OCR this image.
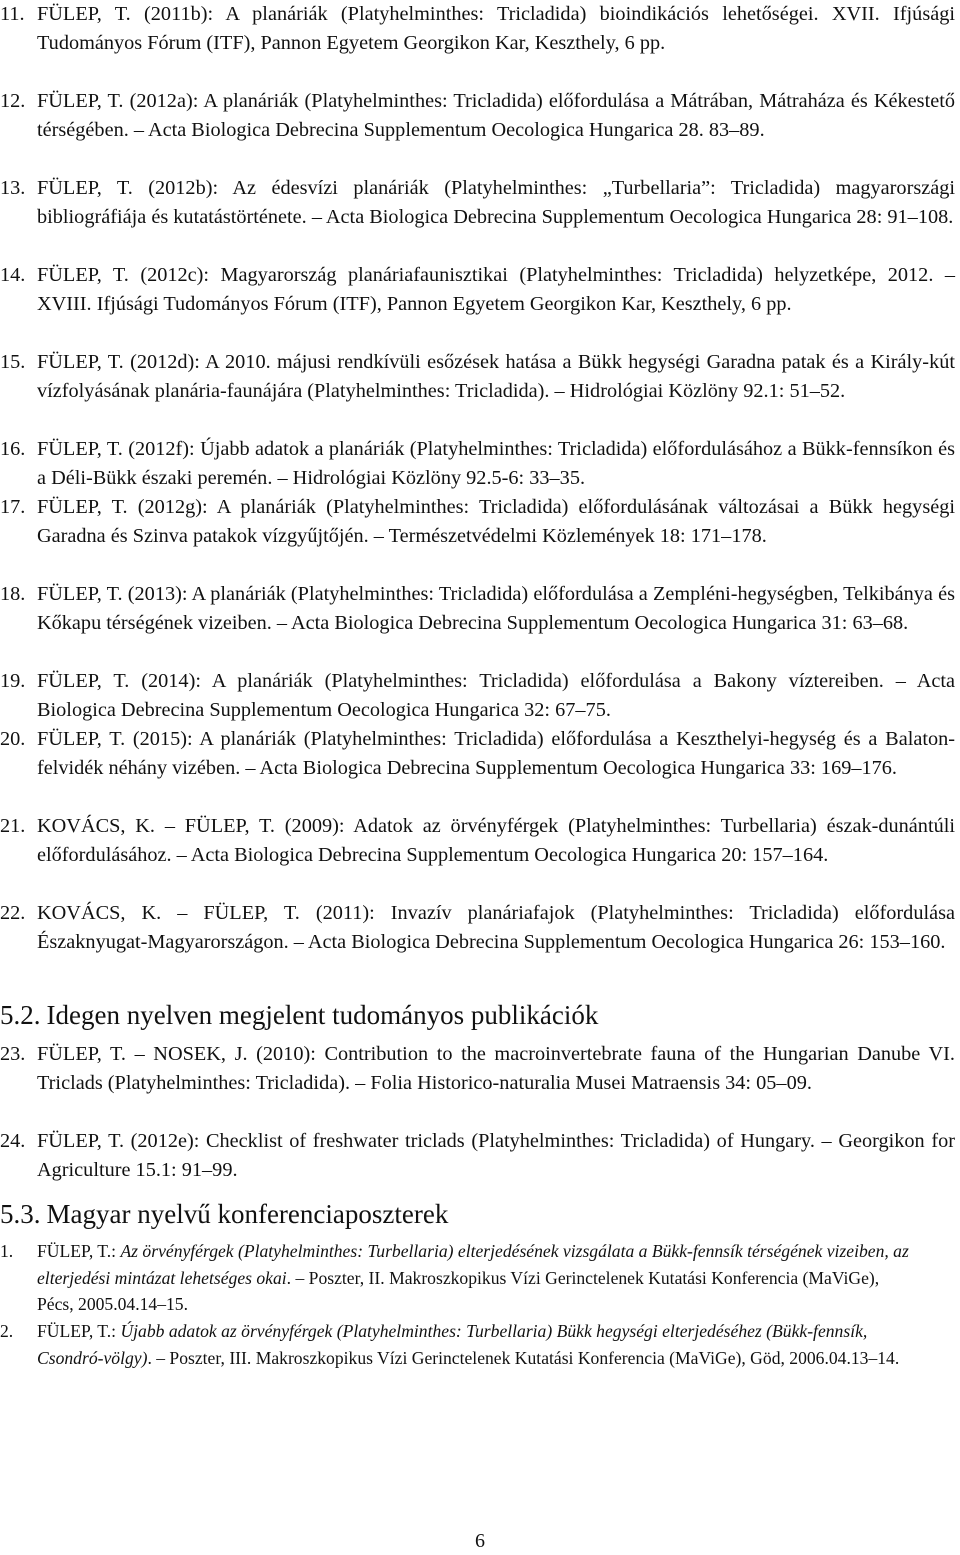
11. FÜLEP, T. (2011b): A planáriák (Platyhelminthes: Tricladida) bioindikációs lehetőségei. XVII. Ifjúsági Tudományos Fórum (ITF), Pannon Egyetem Georgikon Kar, Keszthely, 6 pp.
12. FÜLEP, T. (2012a): A planáriák (Platyhelminthes: Tricladida) előfordulása a Mátrában, Mátraháza és Kékestető térségében. – Acta Biologica Debrecina Supplementum Oecologica Hungarica 28. 83–89.
13. FÜLEP, T. (2012b): Az édesvízi planáriák (Platyhelminthes: „Turbellaria”: Tricladida) magyarországi bibliográfiája és kutatástörténete. – Acta Biologica Debrecina Supplementum Oecologica Hungarica 28: 91–108.
14. FÜLEP, T. (2012c): Magyarország planáriafaunisztikai (Platyhelminthes: Tricladida) helyzetképe, 2012. – XVIII. Ifjúsági Tudományos Fórum (ITF), Pannon Egyetem Georgikon Kar, Keszthely, 6 pp.
15. FÜLEP, T. (2012d): A 2010. májusi rendkívüli esőzések hatása a Bükk hegységi Garadna patak és a Király-kút vízfolyásának planária-faunájára (Platyhelminthes: Tricladida). – Hidrológiai Közlöny 92.1: 51–52.
16. FÜLEP, T. (2012f): Újabb adatok a planáriák (Platyhelminthes: Tricladida) előfordulásához a Bükk-fennsíkon és a Déli-Bükk északi peremén. – Hidrológiai Közlöny 92.5-6: 33–35.
17. FÜLEP, T. (2012g): A planáriák (Platyhelminthes: Tricladida) előfordulásának változásai a Bükk hegységi Garadna és Szinva patakok vízgyűjtőjén. – Természetvédelmi Közlemények 18: 171–178.
18. FÜLEP, T. (2013): A planáriák (Platyhelminthes: Tricladida) előfordulása a Zempléni-hegységben, Telkibánya és Kőkapu térségének vizeiben. – Acta Biologica Debrecina Supplementum Oecologica Hungarica 31: 63–68.
19. FÜLEP, T. (2014): A planáriák (Platyhelminthes: Tricladida) előfordulása a Bakony víztereiben. – Acta Biologica Debrecina Supplementum Oecologica Hungarica 32: 67–75.
20. FÜLEP, T. (2015): A planáriák (Platyhelminthes: Tricladida) előfordulása a Keszthelyi-hegység és a Balaton-felvidék néhány vizében. – Acta Biologica Debrecina Supplementum Oecologica Hungarica 33: 169–176.
21. KOVÁCS, K. – FÜLEP, T. (2009): Adatok az örvényférgek (Platyhelminthes: Turbellaria) észak-dunántúli előfordulásához. – Acta Biologica Debrecina Supplementum Oecologica Hungarica 20: 157–164.
22. KOVÁCS, K. – FÜLEP, T. (2011): Invazív planáriafajok (Platyhelminthes: Tricladida) előfordulása Északnyugat-Magyarországon. – Acta Biologica Debrecina Supplementum Oecologica Hungarica 26: 153–160.
5.2. Idegen nyelven megjelent tudományos publikációk
23. FÜLEP, T. – NOSEK, J. (2010): Contribution to the macroinvertebrate fauna of the Hungarian Danube VI. Triclads (Platyhelminthes: Tricladida). – Folia Historico-naturalia Musei Matraensis 34: 05–09.
24. FÜLEP, T. (2012e): Checklist of freshwater triclads (Platyhelminthes: Tricladida) of Hungary. – Georgikon for Agriculture 15.1: 91–99.
5.3. Magyar nyelvű konferenciaposzterek
1. FÜLEP, T.: Az örvényférgek (Platyhelminthes: Turbellaria) elterjedésének vizsgálata a Bükk-fennsík térségének vizeiben, az elterjedési mintázat lehetséges okai. – Poszter, II. Makroszkopikus Vízi Gerinctelenek Kutatási Konferencia (MaViGe), Pécs, 2005.04.14–15.
2. FÜLEP, T.: Újabb adatok az örvényférgek (Platyhelminthes: Turbellaria) Bükk hegységi elterjedéséhez (Bükk-fennsík, Csondró-völgy). – Poszter, III. Makroszkopikus Vízi Gerinctelenek Kutatási Konferencia (MaViGe), Göd, 2006.04.13–14.
6
